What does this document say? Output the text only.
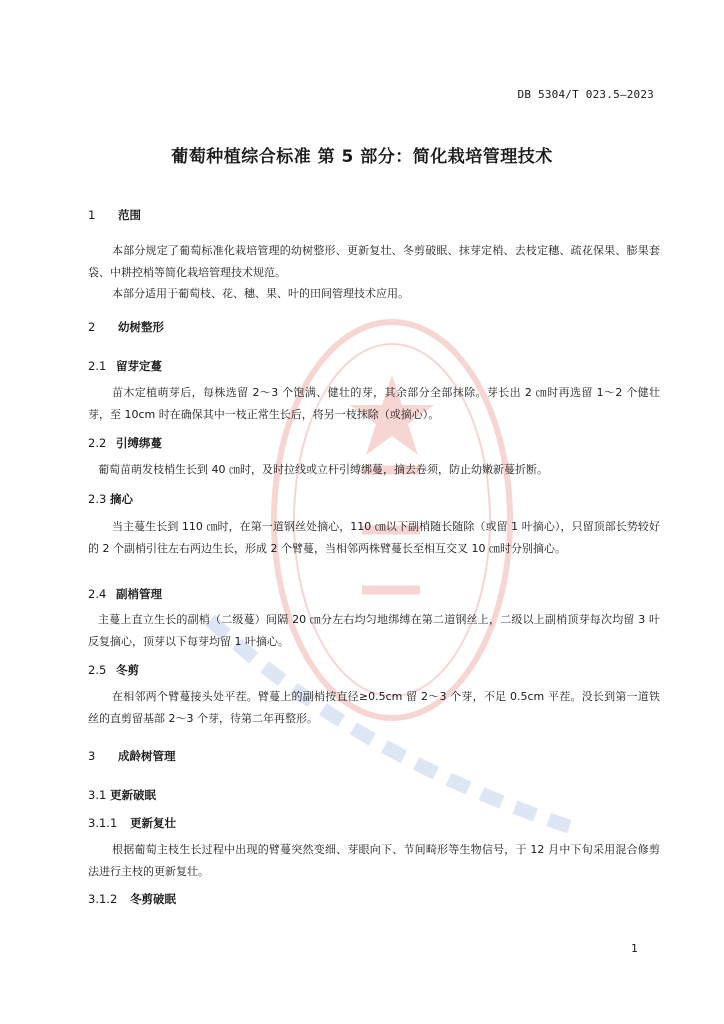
DB 5304/T 023.5—2023
葡萄种植综合标准 第 5 部分：简化栽培管理技术
1 范围
本部分规定了葡萄标准化栽培管理的幼树整形、更新复壮、冬剪破眠、抹芽定梢、去枝定穗、疏花保果、膨果套袋、中耕控梢等简化栽培管理技术规范。
本部分适用于葡萄枝、花、穗、果、叶的田间管理技术应用。
2 幼树整形
2.1 留芽定蔓
苗木定植萌芽后，每株选留 2～3 个饱满、健壮的芽，其余部分全部抹除。芽长出 2 ㎝时再选留 1～2 个健壮芽，至 10cm 时在确保其中一枝正常生长后，将另一枝抹除（或摘心）。
2.2 引缚绑蔓
葡萄苗萌发枝梢生长到 40 ㎝时，及时拉线或立杆引缚绑蔓，摘去卷须，防止幼嫩新蔓折断。
2.3 摘心
当主蔓生长到 110 ㎝时，在第一道钢丝处摘心，110 ㎝以下副梢随长随除（或留 1 叶摘心），只留顶部长势较好的 2 个副梢引往左右两边生长，形成 2 个臂蔓，当相邻两株臂蔓长至相互交叉 10 ㎝时分别摘心。
2.4 副梢管理
主蔓上直立生长的副梢（二级蔓）间隔 20 ㎝分左右均匀地绑缚在第二道钢丝上，二级以上副梢顶芽每次均留 3 叶反复摘心，顶芽以下每芽均留 1 叶摘心。
2.5 冬剪
在相邻两个臂蔓接头处平茬。臂蔓上的副梢按直径≥0.5cm 留 2～3 个芽，不足 0.5cm 平茬。没长到第一道铁丝的直剪留基部 2～3 个芽，待第二年再整形。
3 成龄树管理
3.1 更新破眠
3.1.1 更新复壮
根据葡萄主枝生长过程中出现的臂蔓突然变细、芽眼向下、节间畸形等生物信号，于 12 月中下旬采用混合修剪法进行主枝的更新复壮。
3.1.2 冬剪破眠
1
